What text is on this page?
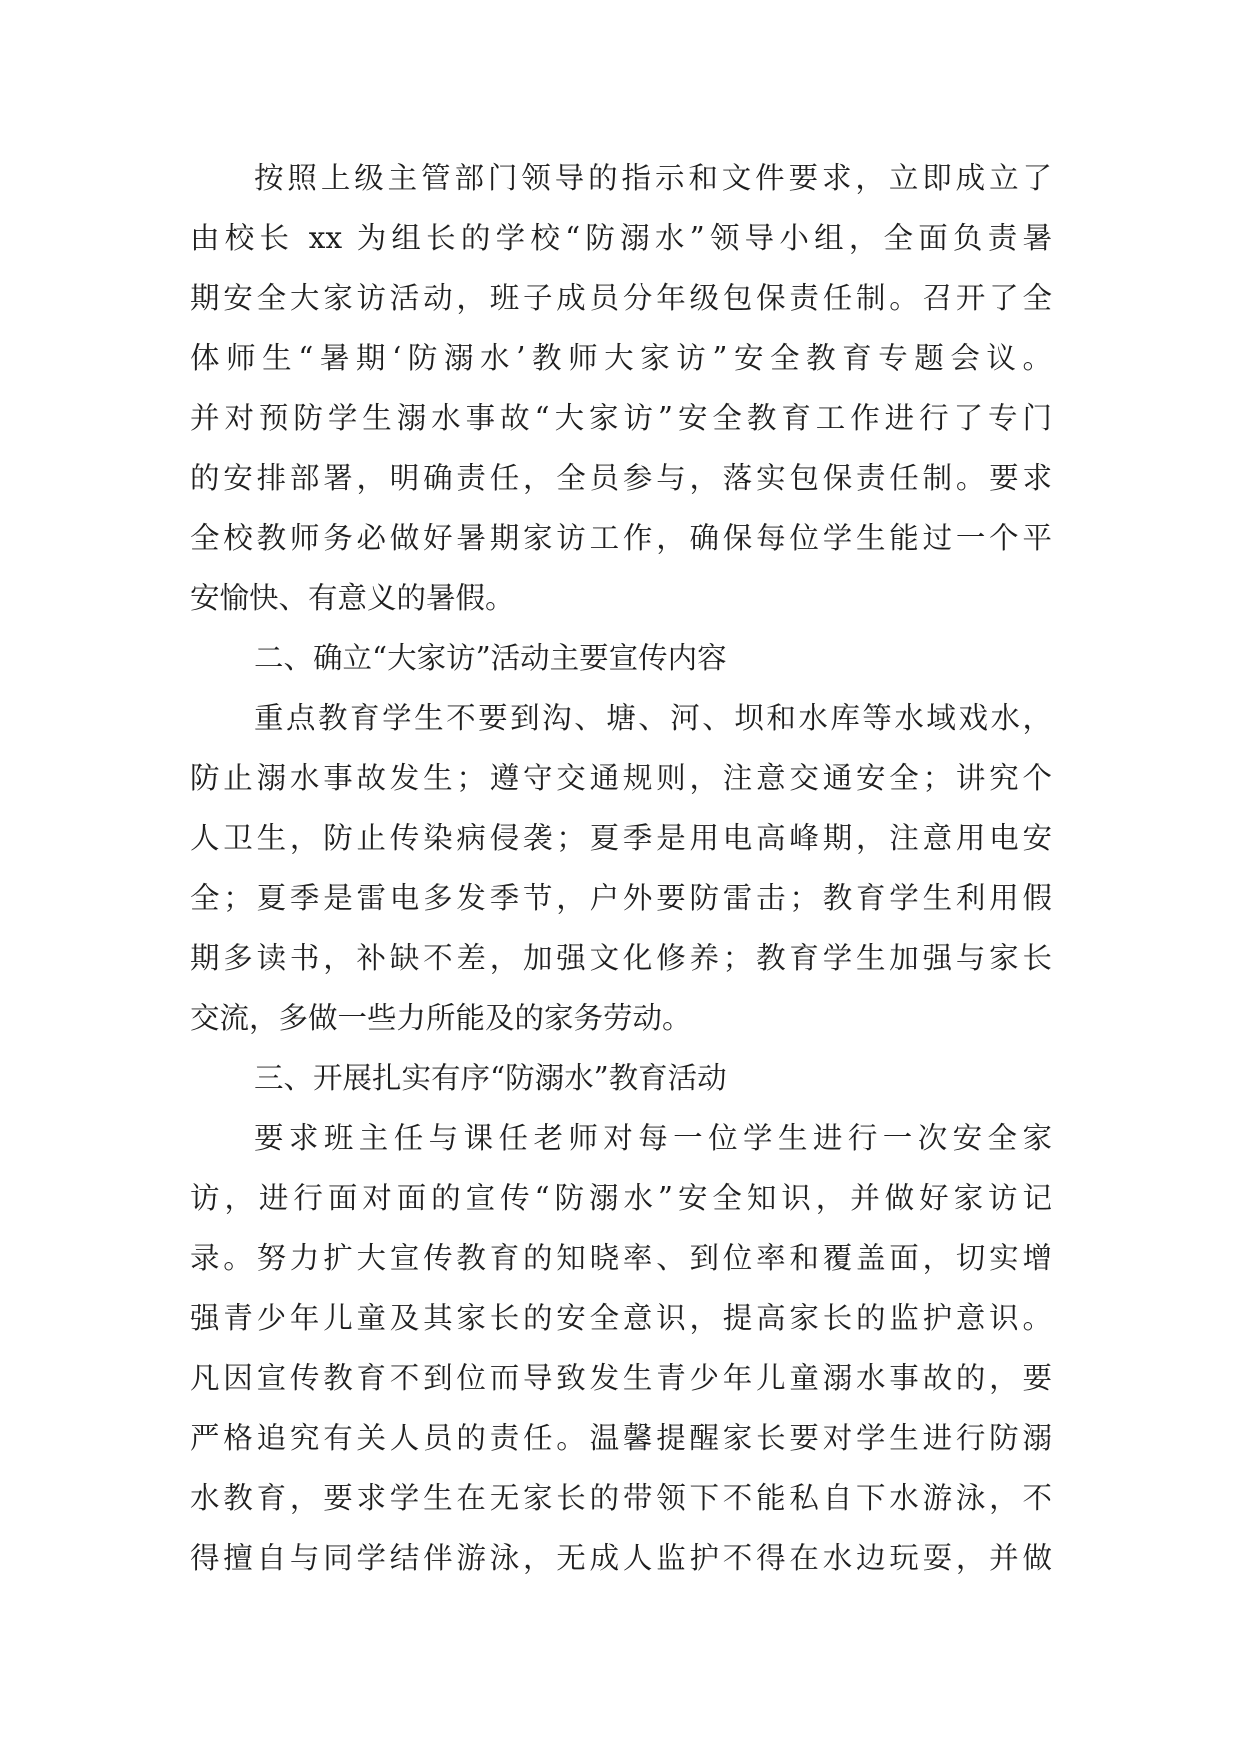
按照上级主管部门领导的指示和文件要求，立即成立了
由校长 xx 为组长的学校“防溺水”领导小组，全面负责暑
期安全大家访活动，班子成员分年级包保责任制。召开了全
体师生“暑期‘防溺水’教师大家访”安全教育专题会议。
并对预防学生溺水事故“大家访”安全教育工作进行了专门
的安排部署，明确责任，全员参与，落实包保责任制。要求
全校教师务必做好暑期家访工作，确保每位学生能过一个平
安愉快、有意义的暑假。
二、确立“大家访”活动主要宣传内容
重点教育学生不要到沟、塘、河、坝和水库等水域戏水，
防止溺水事故发生；遵守交通规则，注意交通安全；讲究个
人卫生，防止传染病侵袭；夏季是用电高峰期，注意用电安
全；夏季是雷电多发季节，户外要防雷击；教育学生利用假
期多读书，补缺不差，加强文化修养；教育学生加强与家长
交流，多做一些力所能及的家务劳动。
三、开展扎实有序“防溺水”教育活动
要求班主任与课任老师对每一位学生进行一次安全家
访，进行面对面的宣传“防溺水”安全知识，并做好家访记
录。努力扩大宣传教育的知晓率、到位率和覆盖面，切实增
强青少年儿童及其家长的安全意识，提高家长的监护意识。
凡因宣传教育不到位而导致发生青少年儿童溺水事故的，要
严格追究有关人员的责任。温馨提醒家长要对学生进行防溺
水教育，要求学生在无家长的带领下不能私自下水游泳，不
得擅自与同学结伴游泳，无成人监护不得在水边玩耍，并做
